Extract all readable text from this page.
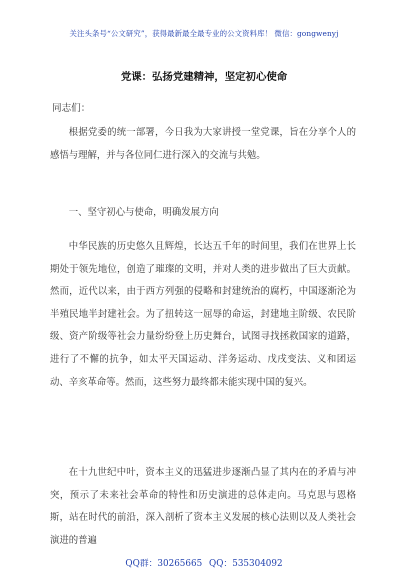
关注头条号“公文研究”，获得最新最全最专业的公文资料库！ 微信：gongwenyj
党课：弘扬党建精神，坚定初心使命
同志们：
根据党委的统一部署，今日我为大家讲授一堂党课，旨在分享个人的感悟与理解，并与各位同仁进行深入的交流与共勉。
一、坚守初心与使命，明确发展方向
中华民族的历史悠久且辉煌，长达五千年的时间里，我们在世界上长期处于领先地位，创造了璀璨的文明，并对人类的进步做出了巨大贡献。然而，近代以来，由于西方列强的侵略和封建统治的腐朽，中国逐渐沦为半殖民地半封建社会。为了扭转这一屈辱的命运，封建地主阶级、农民阶级、资产阶级等社会力量纷纷登上历史舞台，试图寻找拯救国家的道路，进行了不懈的抗争，如太平天国运动、洋务运动、戊戌变法、义和团运动、辛亥革命等。然而，这些努力最终都未能实现中国的复兴。
在十九世纪中叶，资本主义的迅猛进步逐渐凸显了其内在的矛盾与冲突，预示了未来社会革命的特性和历史演进的总体走向。马克思与恩格斯，站在时代的前沿，深入剖析了资本主义发展的核心法则以及人类社会演进的普遍
QQ群：30265665 QQ：535304092
